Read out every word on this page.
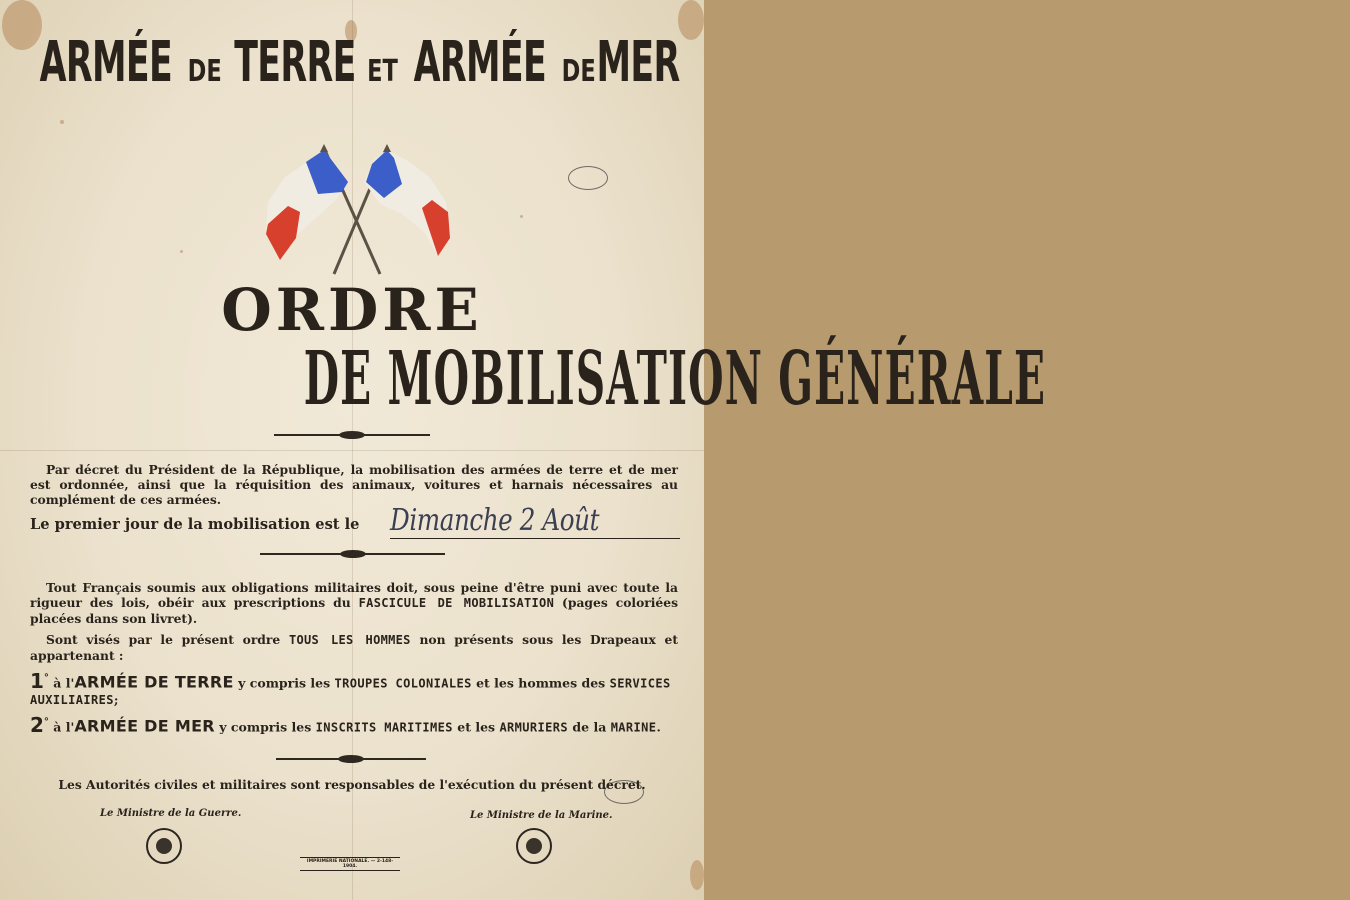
ARMÉE DE TERRE ET ARMÉE DE MER
ORDRE
DE MOBILISATION GÉNÉRALE
Par décret du Président de la République, la mobilisation des armées de terre et de mer est ordonnée, ainsi que la réquisition des animaux, voitures et harnais nécessaires au complément de ces armées.
Le premier jour de la mobilisation est le	Dimanche 2 Août
Tout Français soumis aux obligations militaires doit, sous peine d'être puni avec toute la rigueur des lois, obéir aux prescriptions du FASCICULE DE MOBILISATION (pages coloriées placées dans son livret).
Sont visés par le présent ordre TOUS LES HOMMES non présents sous les Drapeaux et appartenant :
1° à l'ARMÉE DE TERRE y compris les TROUPES COLONIALES et les hommes des SERVICES AUXILIAIRES;
2° à l'ARMÉE DE MER y compris les INSCRITS MARITIMES et les ARMURIERS de la MARINE.
Les Autorités civiles et militaires sont responsables de l'exécution du présent décret.
Le Ministre de la Guerre.	Le Ministre de la Marine.
IMPRIMERIE NATIONALE. — 2-148-1904.
